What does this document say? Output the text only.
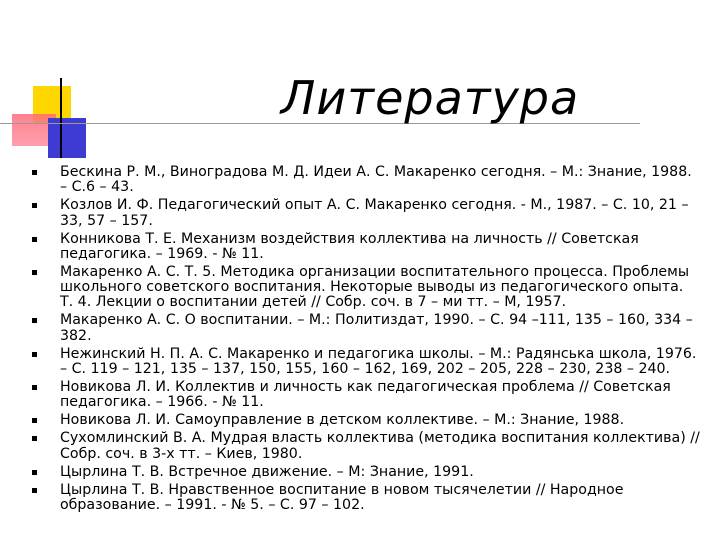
Литература
Бескина Р. М., Виноградова М. Д. Идеи А. С. Макаренко сегодня. – М.: Знание, 1988. – С.6 – 43.
Козлов И. Ф. Педагогический опыт А. С. Макаренко сегодня. - М., 1987. – С. 10, 21 – 33, 57 – 157.
Конникова Т. Е. Механизм воздействия коллектива на личность // Советская педагогика. – 1969. - № 11.
Макаренко А. С. Т. 5. Методика организации воспитательного процесса. Проблемы школьного советского воспитания. Некоторые выводы из педагогического опыта. Т. 4. Лекции о воспитании детей // Собр. соч. в 7 – ми тт. – М, 1957.
Макаренко А. С. О воспитании. – М.: Политиздат, 1990. – С. 94 –111, 135 – 160, 334 – 382.
Нежинский Н. П. А. С. Макаренко и педагогика школы. – М.: Радянська школа, 1976. – С. 119 – 121, 135 – 137, 150, 155, 160 – 162, 169, 202 – 205, 228 – 230, 238 – 240.
Новикова Л. И. Коллектив и личность как педагогическая проблема // Советская педагогика. – 1966. - № 11.
Новикова Л. И. Самоуправление в детском коллективе. – М.: Знание, 1988.
Сухомлинский В. А. Мудрая власть коллектива (методика воспитания коллектива) // Собр. соч. в 3-х тт. – Киев, 1980.
Цырлина Т. В. Встречное движение. – М: Знание, 1991.
Цырлина Т. В. Нравственное воспитание в новом тысячелетии // Народное образование. – 1991. - № 5. – С. 97 – 102.
